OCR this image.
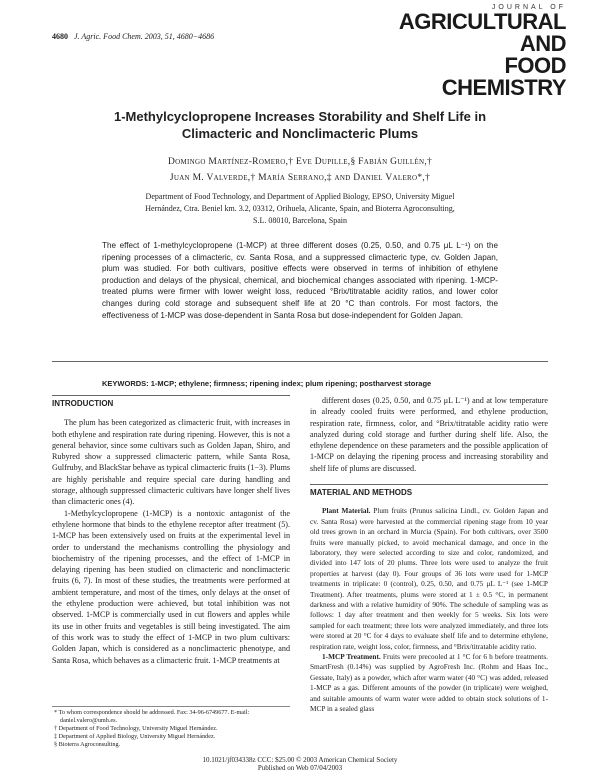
4680 J. Agric. Food Chem. 2003, 51, 4680−4686
JOURNAL OF
AGRICULTURAL AND
FOOD CHEMISTRY
1-Methylcyclopropene Increases Storability and Shelf Life in
Climacteric and Nonclimacteric Plums
Domingo Martínez-Romero,† Eve Dupille,§ Fabián Guillén,†
Juan M. Valverde,† María Serrano,‡ and Daniel Valero*,†
Department of Food Technology, and Department of Applied Biology, EPSO, University Miguel
Hernández, Ctra. Beniel km. 3.2, 03312, Orihuela, Alicante, Spain, and Bioterra Agroconsulting,
S.L. 08010, Barcelona, Spain
The effect of 1-methylcyclopropene (1-MCP) at three different doses (0.25, 0.50, and 0.75 μL L⁻¹) on the ripening processes of a climacteric, cv. Santa Rosa, and a suppressed climacteric type, cv. Golden Japan, plum was studied. For both cultivars, positive effects were observed in terms of inhibition of ethylene production and delays of the physical, chemical, and biochemical changes associated with ripening. 1-MCP-treated plums were firmer with lower weight loss, reduced °Brix/titratable acidity ratios, and lower color changes during cold storage and subsequent shelf life at 20 °C than controls. For most factors, the effectiveness of 1-MCP was dose-dependent in Santa Rosa but dose-independent for Golden Japan.
KEYWORDS: 1-MCP; ethylene; firmness; ripening index; plum ripening; postharvest storage
INTRODUCTION

The plum has been categorized as climacteric fruit, with increases in both ethylene and respiration rate during ripening. However, this is not a general behavior, since some cultivars such as Golden Japan, Shiro, and Rubyred show a suppressed climacteric pattern, while Santa Rosa, Gulfruby, and BlackStar behave as typical climacteric fruits (1−3). Plums are highly perishable and require special care during handling and storage, although suppressed climacteric cultivars have longer shelf lives than climacteric ones (4).

1-Methylcyclopropene (1-MCP) is a nontoxic antagonist of the ethylene hormone that binds to the ethylene receptor after treatment (5). 1-MCP has been extensively used on fruits at the experimental level in order to understand the mechanisms controlling the physiology and biochemistry of the ripening processes, and the effect of 1-MCP in delaying ripening has been studied on climacteric and nonclimacteric fruits (6, 7). In most of these studies, the treatments were performed at ambient temperature, and most of the times, only delays at the onset of the ethylene production were achieved, but total inhibition was not observed. 1-MCP is commercially used in cut flowers and apples while its use in other fruits and vegetables is still being investigated. The aim of this work was to study the effect of 1-MCP in two plum cultivars: Golden Japan, which is considered as a nonclimacteric phenotype, and Santa Rosa, which behaves as a climacteric fruit. 1-MCP treatments at

different doses (0.25, 0.50, and 0.75 μL L⁻¹) and at low temperature in already cooled fruits were performed, and ethylene production, respiration rate, firmness, color, and °Brix/titratable acidity ratio were analyzed during cold storage and further during shelf life. Also, the ethylene dependence on these parameters and the possible application of 1-MCP on delaying the ripening process and increasing storability and shelf life of plums are discussed.

MATERIAL AND METHODS

Plant Material. Plum fruits (Prunus salicina Lindl., cv. Golden Japan and cv. Santa Rosa) were harvested at the commercial ripening stage from 10 year old trees grown in an orchard in Murcia (Spain). For both cultivars, over 3500 fruits were manually picked, to avoid mechanical damage, and once in the laboratory, they were selected according to size and color, randomized, and divided into 147 lots of 20 plums. Three lots were used to analyze the fruit properties at harvest (day 0). Four groups of 36 lots were used for 1-MCP treatments in triplicate: 0 (control), 0.25, 0.50, and 0.75 μL L⁻¹ (see 1-MCP Treatment). After treatments, plums were stored at 1 ± 0.5 °C, in permanent darkness and with a relative humidity of 90%. The schedule of sampling was as follows: 1 day after treatment and then weekly for 5 weeks. Six lots were sampled for each treatment; three lots were analyzed immediately, and three lots were stored at 20 °C for 4 days to evaluate shelf life and to determine ethylene, respiration rate, weight loss, color, firmness, and °Brix/titratable acidity ratio.

1-MCP Treatment. Fruits were precooled at 1 °C for 6 h before treatments. SmartFresh (0.14%) was supplied by AgroFresh Inc. (Rohm and Haas Inc., Gessate, Italy) as a powder, which after warm water (40 °C) was added, released 1-MCP as a gas. Different amounts of the powder (in triplicate) were weighed, and suitable amounts of warm water were added to obtain stock solutions of 1-MCP in a sealed glass

* To whom correspondence should be addressed. Fax: 34-96-6749677. E-mail: daniel.valero@umh.es.
† Department of Food Technology, University Miguel Hernández.
‡ Department of Applied Biology, University Miguel Hernández.
§ Bioterra Agroconsulting.
10.1021/jf034338z CCC: $25.00 © 2003 American Chemical Society
Published on Web 07/04/2003
